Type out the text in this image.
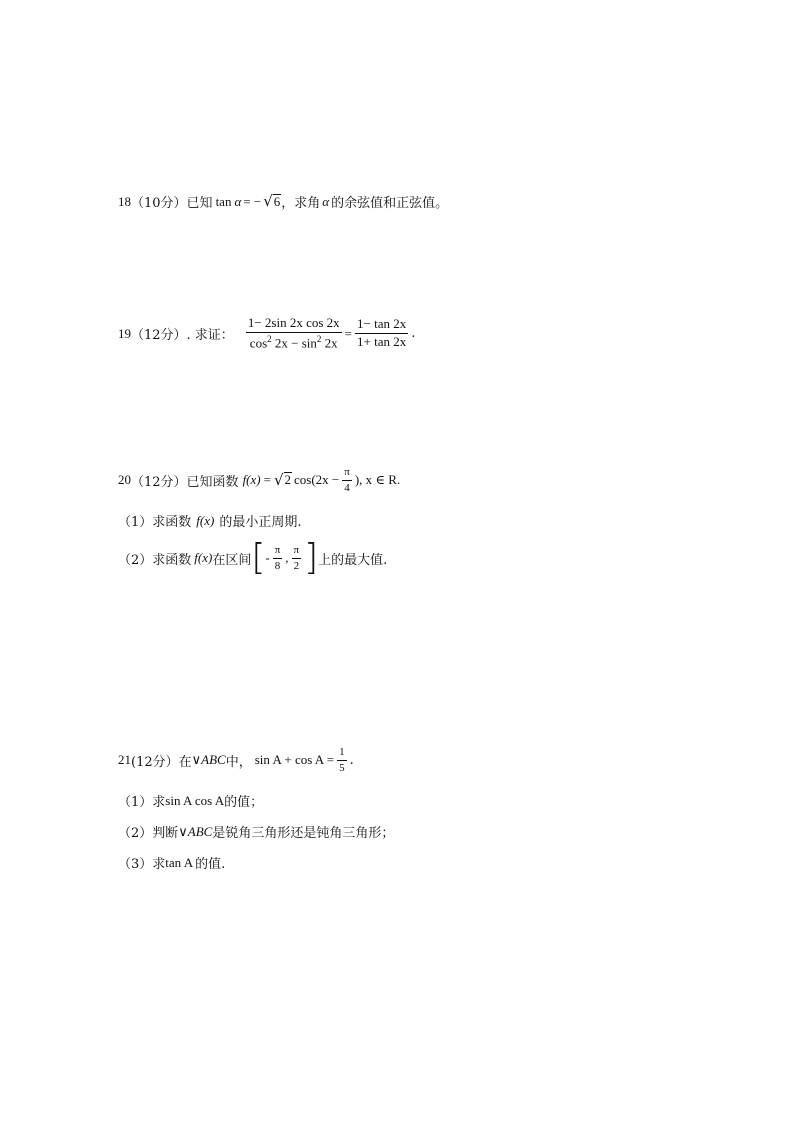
18 （10分） 已知 tan α = − √ 6 ，求角 α 的余弦值和正弦值。
19 （12分） . 求证： $\frac{\text{1− 2sin 2x cos 2x}}{\cos^2 2x - \sin^2 2x} = \frac{1- \tan 2x}{1+ \tan 2x}$ .
20 （12分） 已知函数 f(x) = √ 2 $\cos(2x - \frac{\pi}{4}$ ), x ∈ R.
（1）求函数 f(x) 的最小正周期.
（2）求函数 f(x) 在区间 [ - $\frac{\pi}{8}$ , $\frac{\pi}{2}$ ] 上的最大值.
21 (12分） 在 ∨ABC 中， $\sin A + \cos A = \frac{1}{5}$ .
（1）求 sin A cos A 的值；
（2）判断 ∨ABC 是锐角三角形还是钝角三角形；
（3）求 tan A 的值.
